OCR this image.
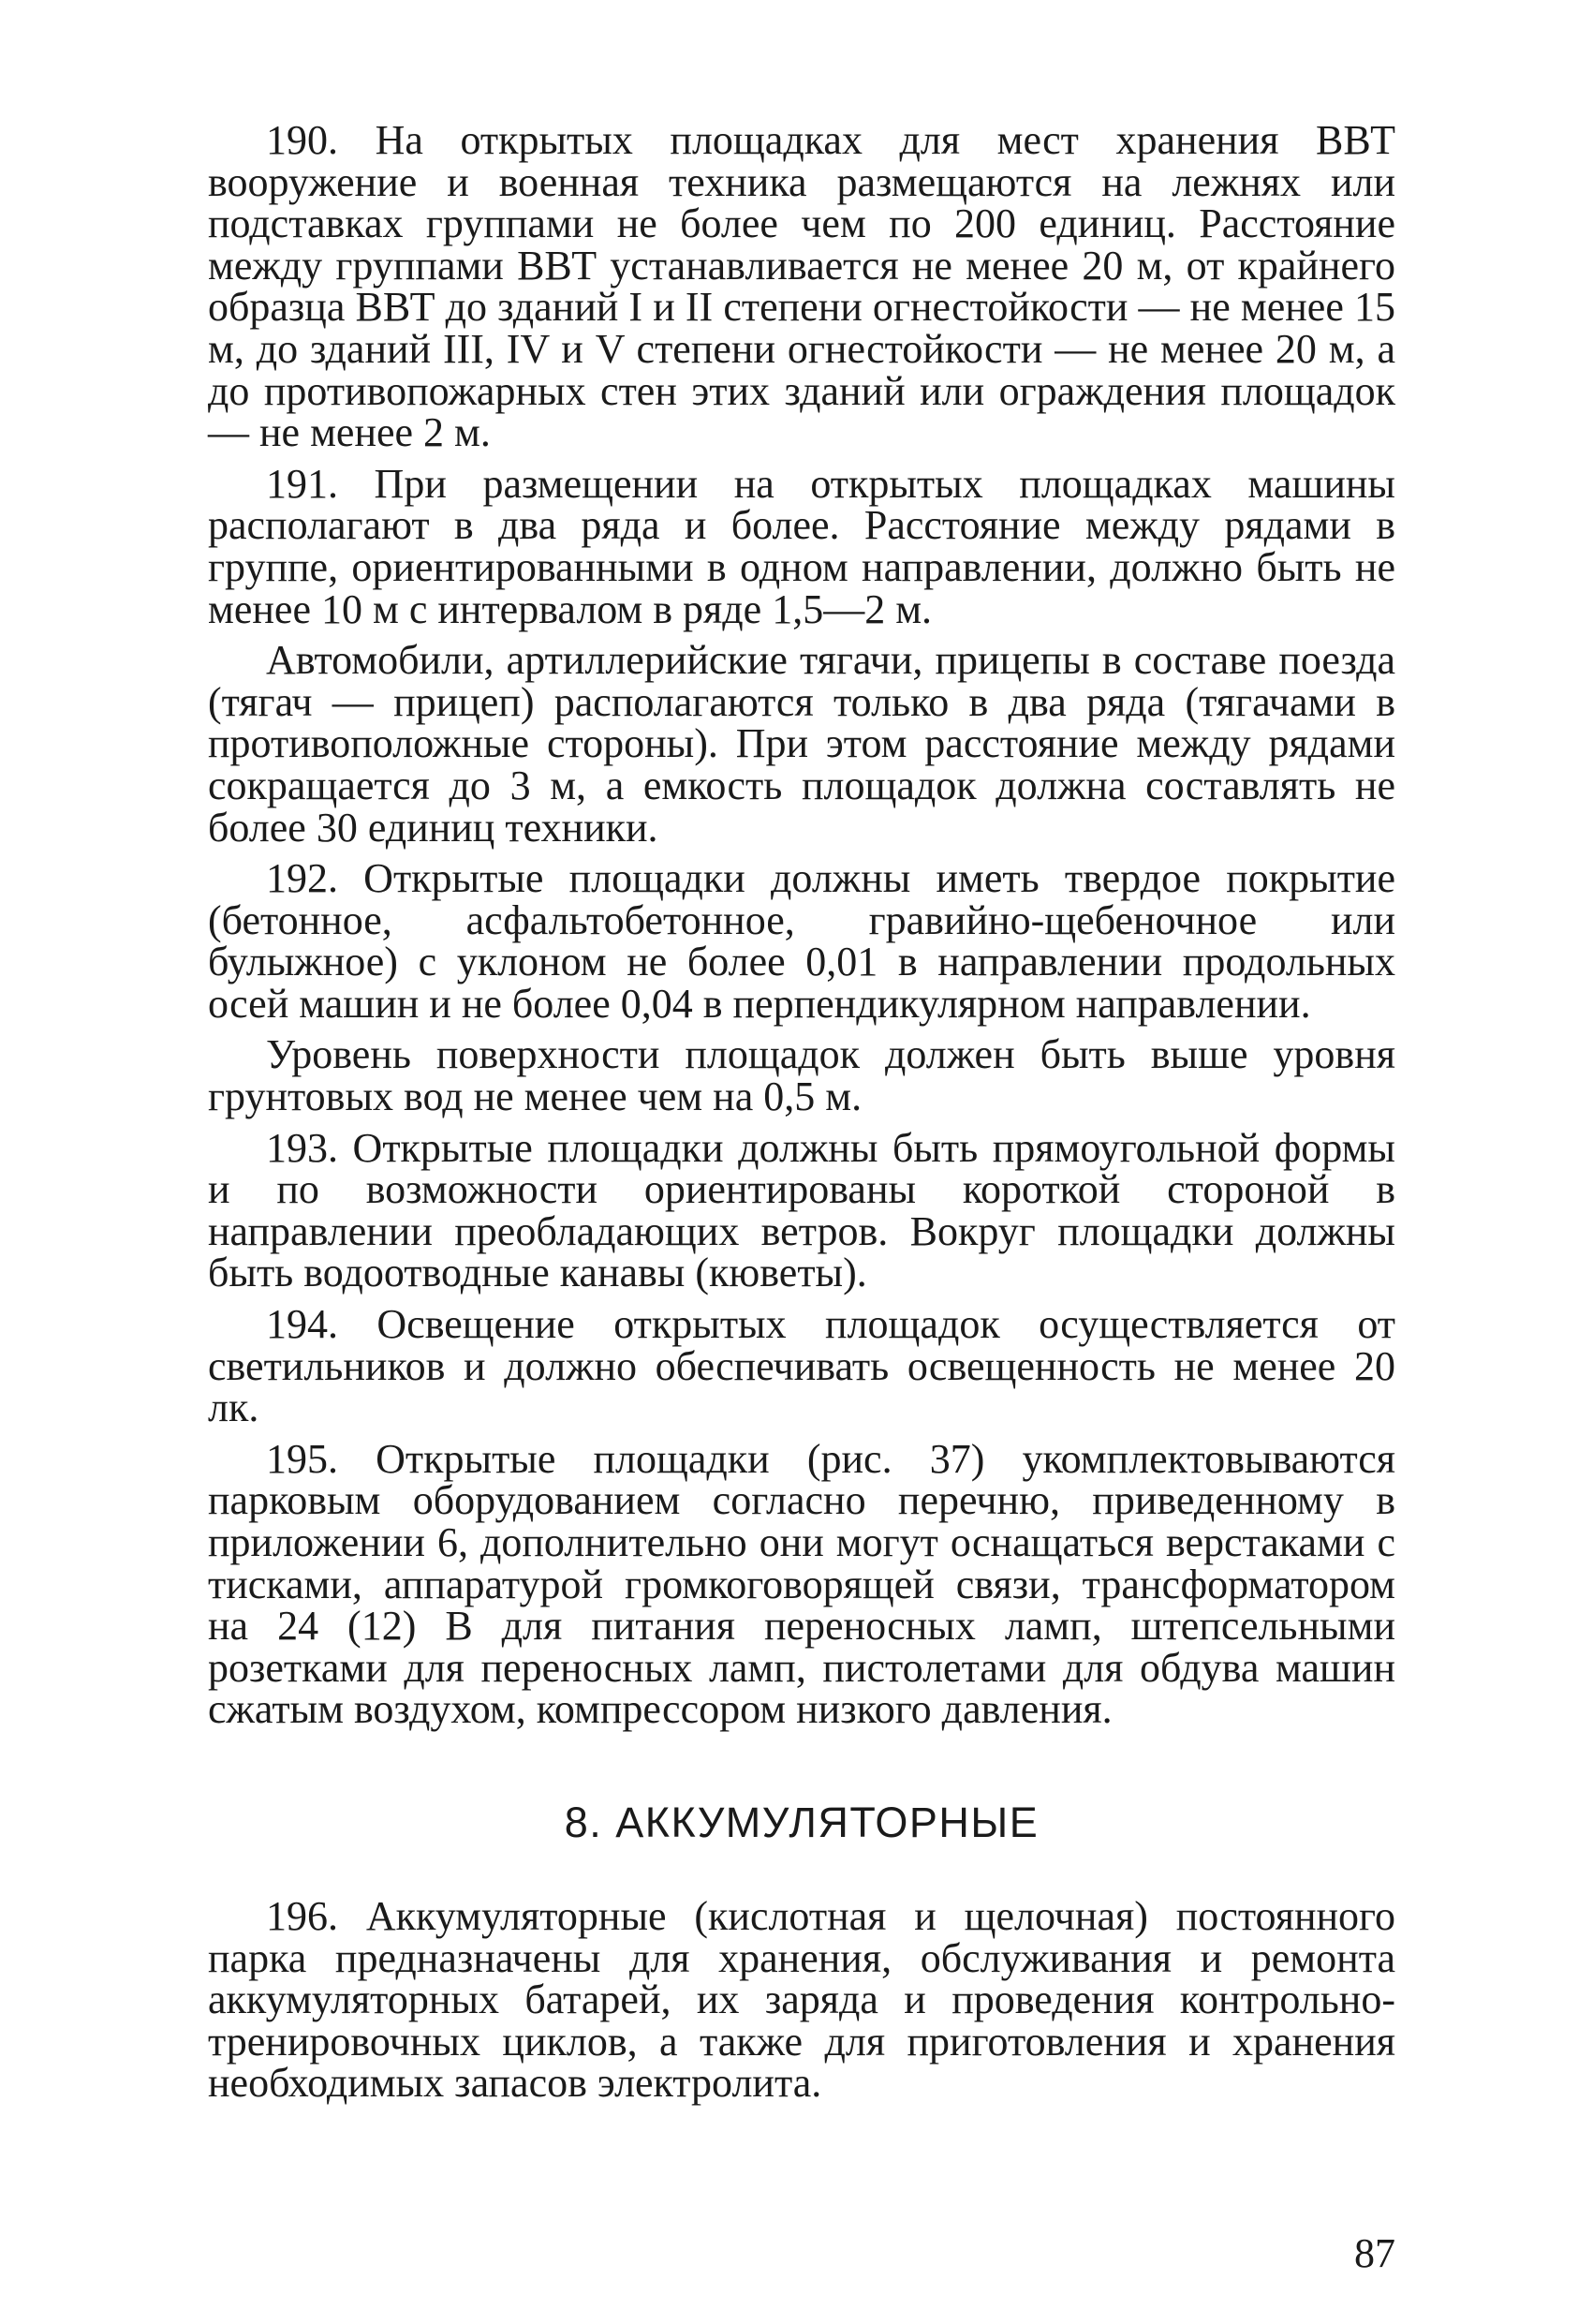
190. На открытых площадках для мест хранения ВВТ вооружение и военная техника размещаются на лежнях или подставках группами не более чем по 200 единиц. Расстояние между группами ВВТ устанавливается не менее 20 м, от крайнего образца ВВТ до зданий I и II степени огнестойкости — не менее 15 м, до зданий III, IV и V степени огнестойкости — не менее 20 м, а до противопожарных стен этих зданий или ограждения площадок — не менее 2 м.

191. При размещении на открытых площадках машины располагают в два ряда и более. Расстояние между рядами в группе, ориентированными в одном направлении, должно быть не менее 10 м с интервалом в ряде 1,5—2 м.

Автомобили, артиллерийские тягачи, прицепы в составе поезда (тягач — прицеп) располагаются только в два ряда (тягачами в противоположные стороны). При этом расстояние между рядами сокращается до 3 м, а емкость площадок должна составлять не более 30 единиц техники.

192. Открытые площадки должны иметь твердое покрытие (бетонное, асфальтобетонное, гравийно-щебеночное или булыжное) с уклоном не более 0,01 в направлении продольных осей машин и не более 0,04 в перпендикулярном направлении.

Уровень поверхности площадок должен быть выше уровня грунтовых вод не менее чем на 0,5 м.

193. Открытые площадки должны быть прямоугольной формы и по возможности ориентированы короткой стороной в направлении преобладающих ветров. Вокруг площадки должны быть водоотводные канавы (кюветы).

194. Освещение открытых площадок осуществляется от светильников и должно обеспечивать освещенность не менее 20 лк.

195. Открытые площадки (рис. 37) укомплектовываются парковым оборудованием согласно перечню, приведенному в приложении 6, дополнительно они могут оснащаться верстаками с тисками, аппаратурой громкоговорящей связи, трансформатором на 24 (12) В для питания переносных ламп, штепсельными розетками для переносных ламп, пистолетами для обдува машин сжатым воздухом, компрессором низкого давления.

8. АККУМУЛЯТОРНЫЕ

196. Аккумуляторные (кислотная и щелочная) постоянного парка предназначены для хранения, обслуживания и ремонта аккумуляторных батарей, их заряда и проведения контрольно-тренировочных циклов, а также для приготовления и хранения необходимых запасов электролита.

87
